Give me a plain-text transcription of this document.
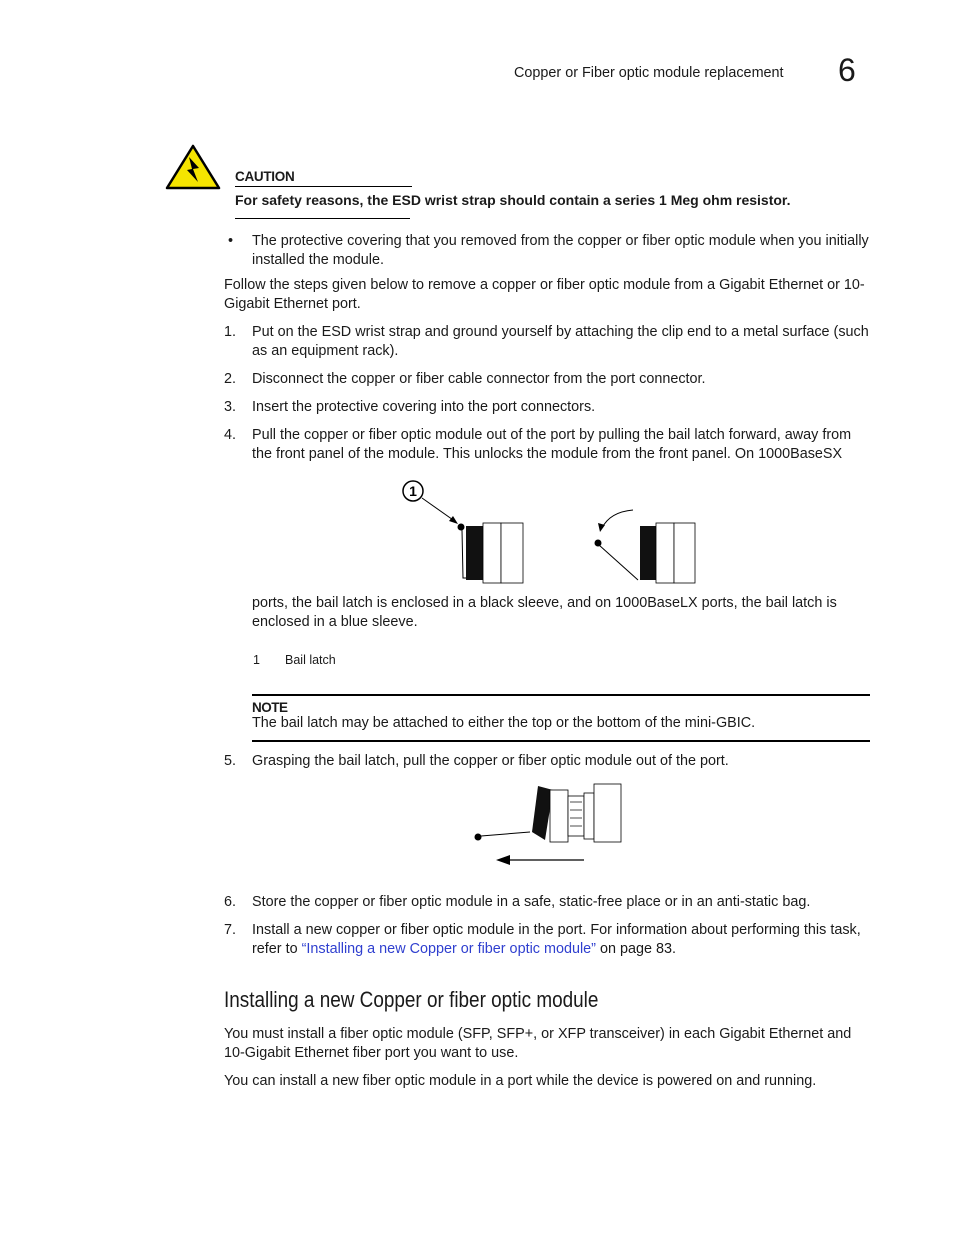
Copper or Fiber optic module replacement 6
CAUTION
For safety reasons, the ESD wrist strap should contain a series 1 Meg ohm resistor.
• The protective covering that you removed from the copper or fiber optic module when you initially installed the module.
Follow the steps given below to remove a copper or fiber optic module from a Gigabit Ethernet or 10-Gigabit Ethernet port.
1. Put on the ESD wrist strap and ground yourself by attaching the clip end to a metal surface (such as an equipment rack).
2. Disconnect the copper or fiber cable connector from the port connector.
3. Insert the protective covering into the port connectors.
4. Pull the copper or fiber optic module out of the port by pulling the bail latch forward, away from the front panel of the module. This unlocks the module from the front panel. On 1000BaseSX
1
ports, the bail latch is enclosed in a black sleeve, and on 1000BaseLX ports, the bail latch is enclosed in a blue sleeve.
1 Bail latch
NOTE
The bail latch may be attached to either the top or the bottom of the mini-GBIC.
5. Grasping the bail latch, pull the copper or fiber optic module out of the port.
6. Store the copper or fiber optic module in a safe, static-free place or in an anti-static bag.
7. Install a new copper or fiber optic module in the port. For information about performing this task, refer to “Installing a new Copper or fiber optic module” on page 83.
Installing a new Copper or fiber optic module
You must install a fiber optic module (SFP, SFP+, or XFP transceiver) in each Gigabit Ethernet and 10-Gigabit Ethernet fiber port you want to use.
You can install a new fiber optic module in a port while the device is powered on and running.
